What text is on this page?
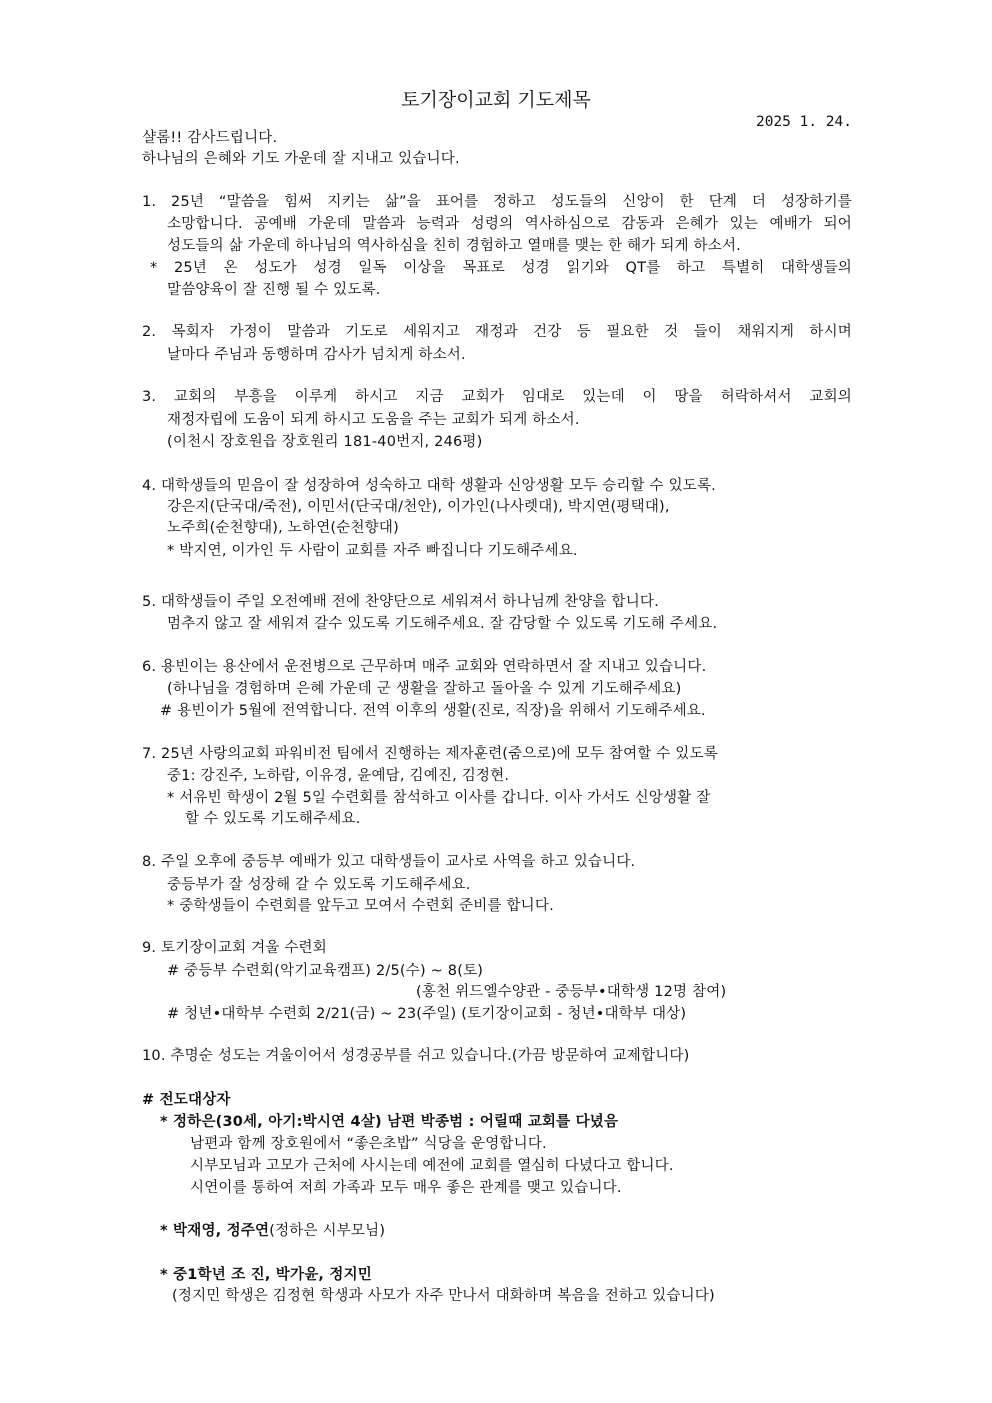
토기장이교회 기도제목
2025 1. 24.
샬롬!! 감사드립니다.
하나님의 은혜와 기도 가운데 잘 지내고 있습니다.
1. 25년 “말씀을 힘써 지키는 삶”을 표어를 정하고 성도들의 신앙이 한 단계 더 성장하기를
소망합니다. 공예배 가운데 말씀과 능력과 성령의 역사하심으로 감동과 은혜가 있는 예배가 되어
성도들의 삶 가운데 하나님의 역사하심을 친히 경험하고 열매를 맺는 한 해가 되게 하소서.
* 25년 온 성도가 성경 일독 이상을 목표로 성경 읽기와 QT를 하고 특별히 대학생들의
말씀양육이 잘 진행 될 수 있도록.
2. 목회자 가정이 말씀과 기도로 세워지고 재정과 건강 등 필요한 것 들이 채워지게 하시며
날마다 주님과 동행하며 감사가 넘치게 하소서.
3. 교회의 부흥을 이루게 하시고 지금 교회가 임대로 있는데 이 땅을 허락하셔서 교회의
재정자립에 도움이 되게 하시고 도움을 주는 교회가 되게 하소서.
(이천시 장호원읍 장호원리 181-40번지, 246평)
4. 대학생들의 믿음이 잘 성장하여 성숙하고 대학 생활과 신앙생활 모두 승리할 수 있도록.
강은지(단국대/죽전), 이민서(단국대/천안), 이가인(나사렛대), 박지연(평택대),
노주희(순천향대), 노하연(순천향대)
* 박지연, 이가인 두 사람이 교회를 자주 빠집니다 기도해주세요.
5. 대학생들이 주일 오전예배 전에 찬양단으로 세워져서 하나님께 찬양을 합니다.
멈추지 않고 잘 세워져 갈수 있도록 기도해주세요. 잘 감당할 수 있도록 기도해 주세요.
6. 용빈이는 용산에서 운전병으로 근무하며 매주 교회와 연락하면서 잘 지내고 있습니다.
(하나님을 경험하며 은혜 가운데 군 생활을 잘하고 돌아올 수 있게 기도해주세요)
# 용빈이가 5월에 전역합니다. 전역 이후의 생활(진로, 직장)을 위해서 기도해주세요.
7. 25년 사랑의교회 파워비전 팀에서 진행하는 제자훈련(줌으로)에 모두 참여할 수 있도록
중1: 강진주, 노하람, 이유경, 윤예담, 김예진, 김정현.
* 서유빈 학생이 2월 5일 수련회를 참석하고 이사를 갑니다. 이사 가서도 신앙생활 잘
할 수 있도록 기도해주세요.
8. 주일 오후에 중등부 예배가 있고 대학생들이 교사로 사역을 하고 있습니다.
중등부가 잘 성장해 갈 수 있도록 기도해주세요.
* 중학생들이 수련회를 앞두고 모여서 수련회 준비를 합니다.
9. 토기장이교회 겨울 수련회
# 중등부 수련회(악기교육캠프) 2/5(수) ~ 8(토)
(홍천 위드엘수양관 - 중등부•대학생 12명 참여)
# 청년•대학부 수련회 2/21(금) ~ 23(주일) (토기장이교회 - 청년•대학부 대상)
10. 추명순 성도는 겨울이어서 성경공부를 쉬고 있습니다.(가끔 방문하여 교제합니다)
# 전도대상자
* 정하은(30세, 아기:박시연 4살) 남편 박종범 : 어릴때 교회를 다녔음
남편과 함께 장호원에서 “좋은초밥” 식당을 운영합니다.
시부모님과 고모가 근처에 사시는데 예전에 교회를 열심히 다녔다고 합니다.
시연이를 통하여 저희 가족과 모두 매우 좋은 관계를 맺고 있습니다.
* 박재영, 정주연(정하은 시부모님)
* 중1학년 조 진, 박가윤, 정지민
(정지민 학생은 김정현 학생과 사모가 자주 만나서 대화하며 복음을 전하고 있습니다)
